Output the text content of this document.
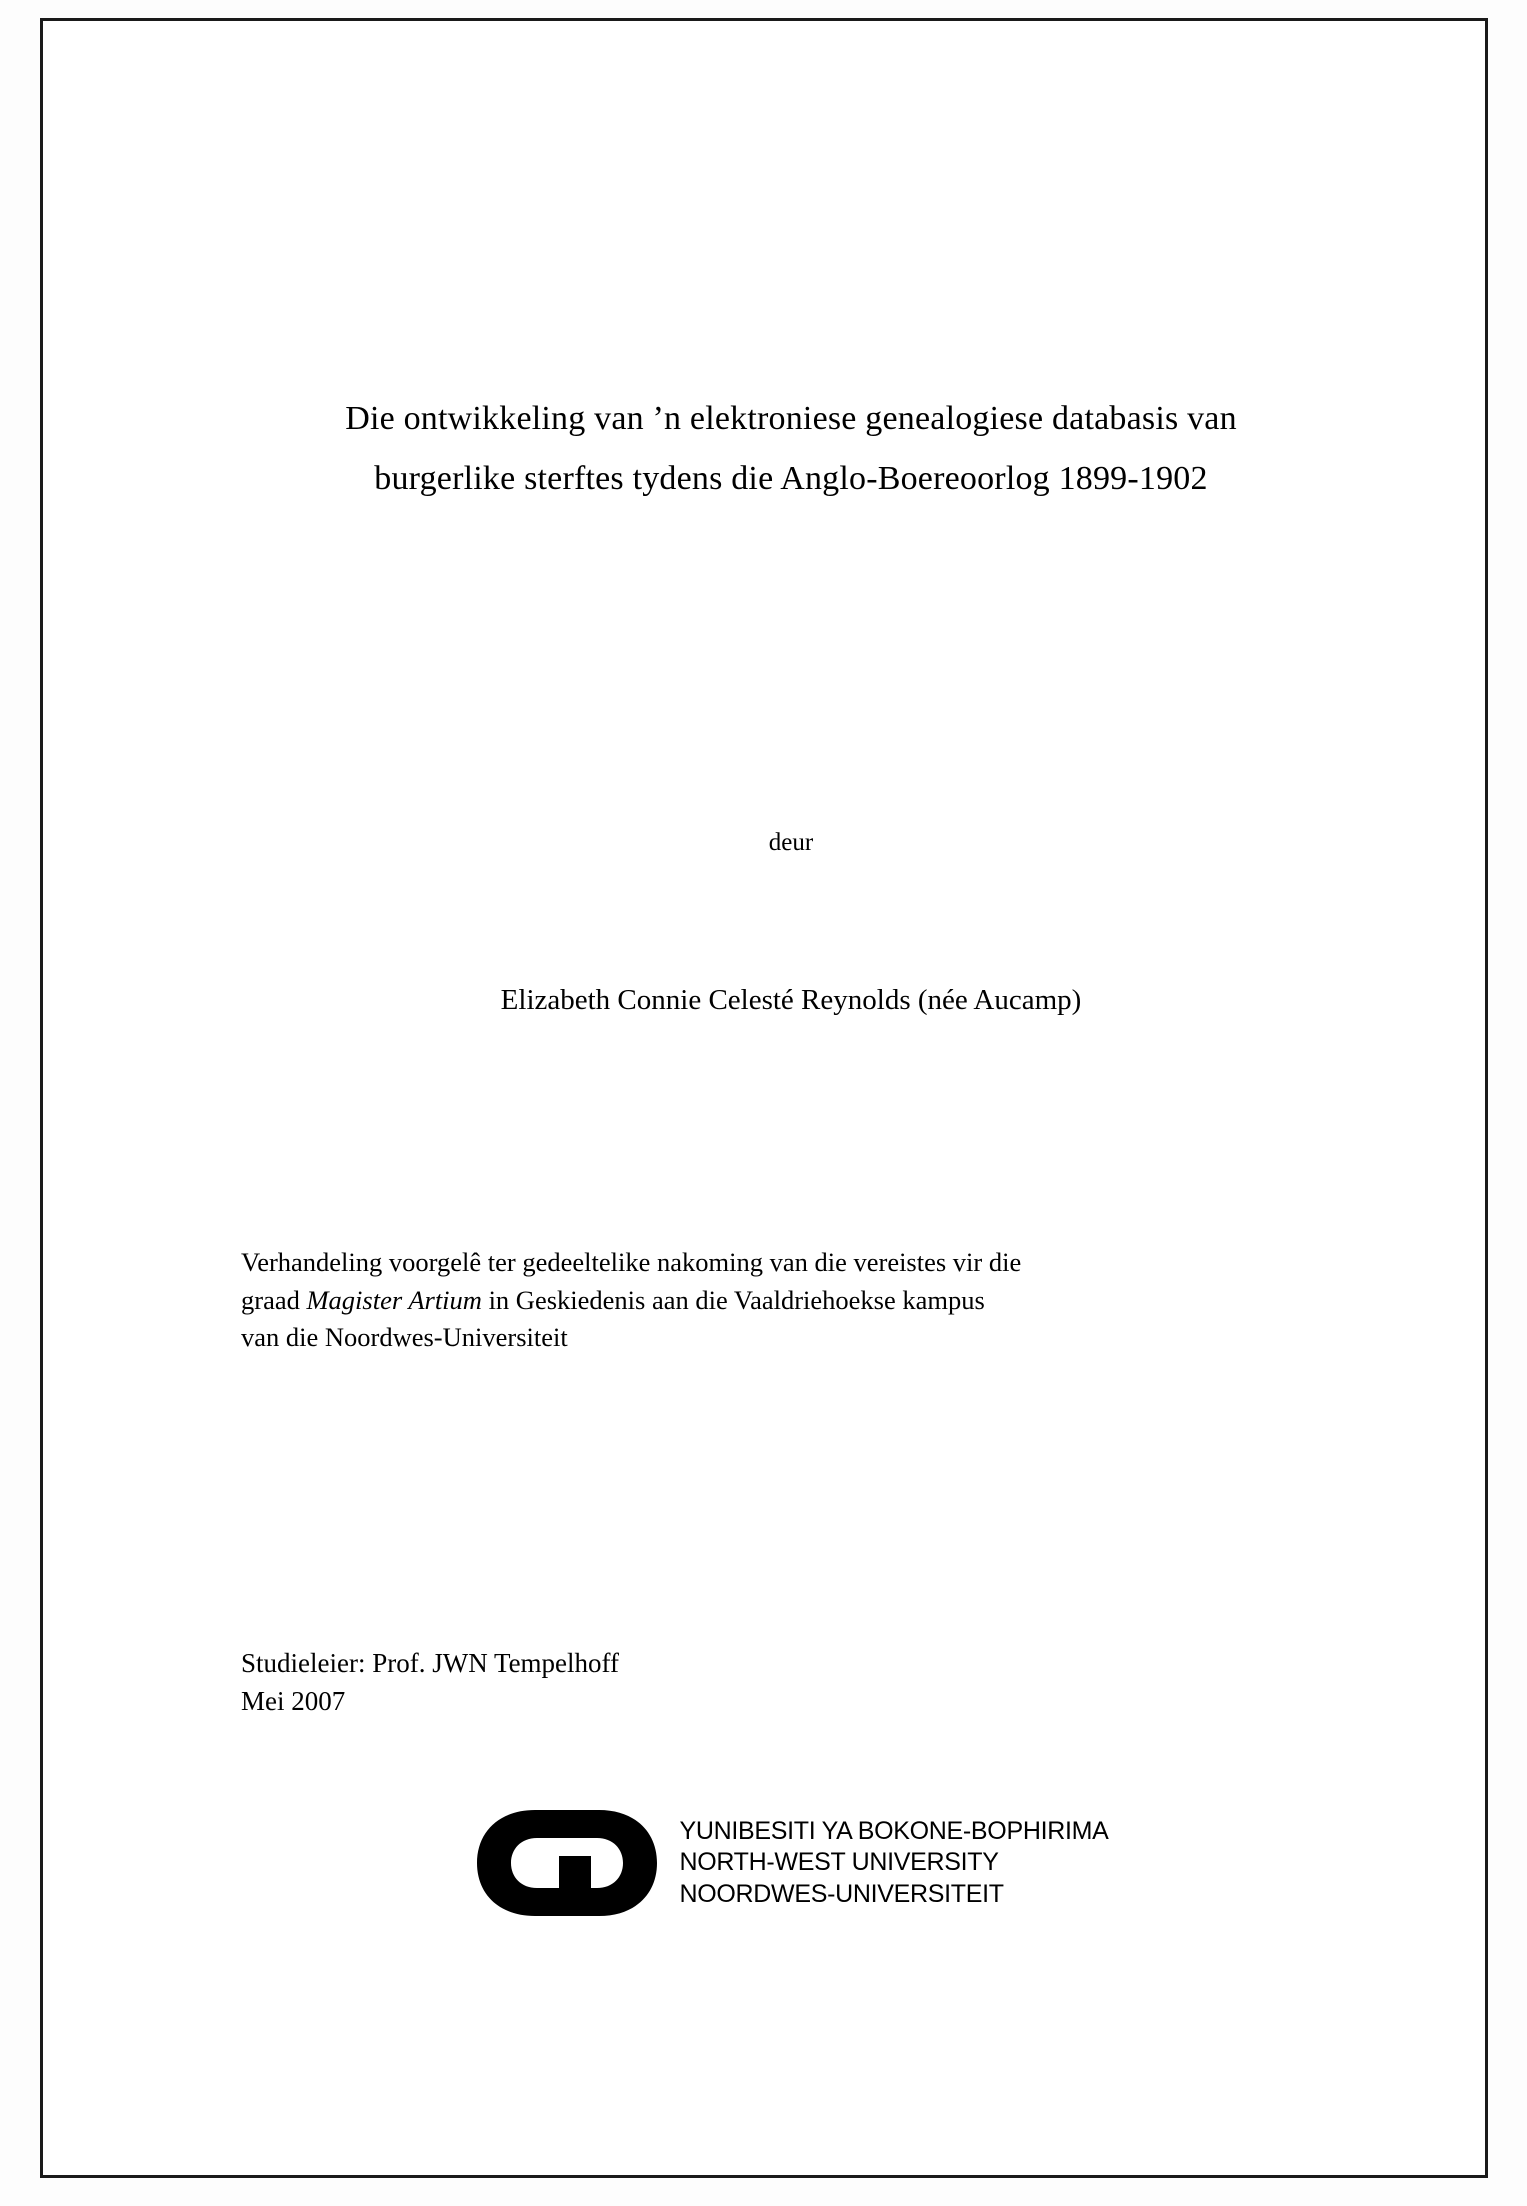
Die ontwikkeling van ’n elektroniese genealogiese databasis van
burgerlike sterftes tydens die Anglo-Boereoorlog 1899-1902
deur
Elizabeth Connie Celesté Reynolds (née Aucamp)
Verhandeling voorgelê ter gedeeltelike nakoming van die vereistes vir die
graad Magister Artium in Geskiedenis aan die Vaaldriehoekse kampus
van die Noordwes-Universiteit
Studieleier: Prof. JWN Tempelhoff
Mei 2007
YUNIBESITI YA BOKONE-BOPHIRIMA
NORTH-WEST UNIVERSITY
NOORDWES-UNIVERSITEIT
